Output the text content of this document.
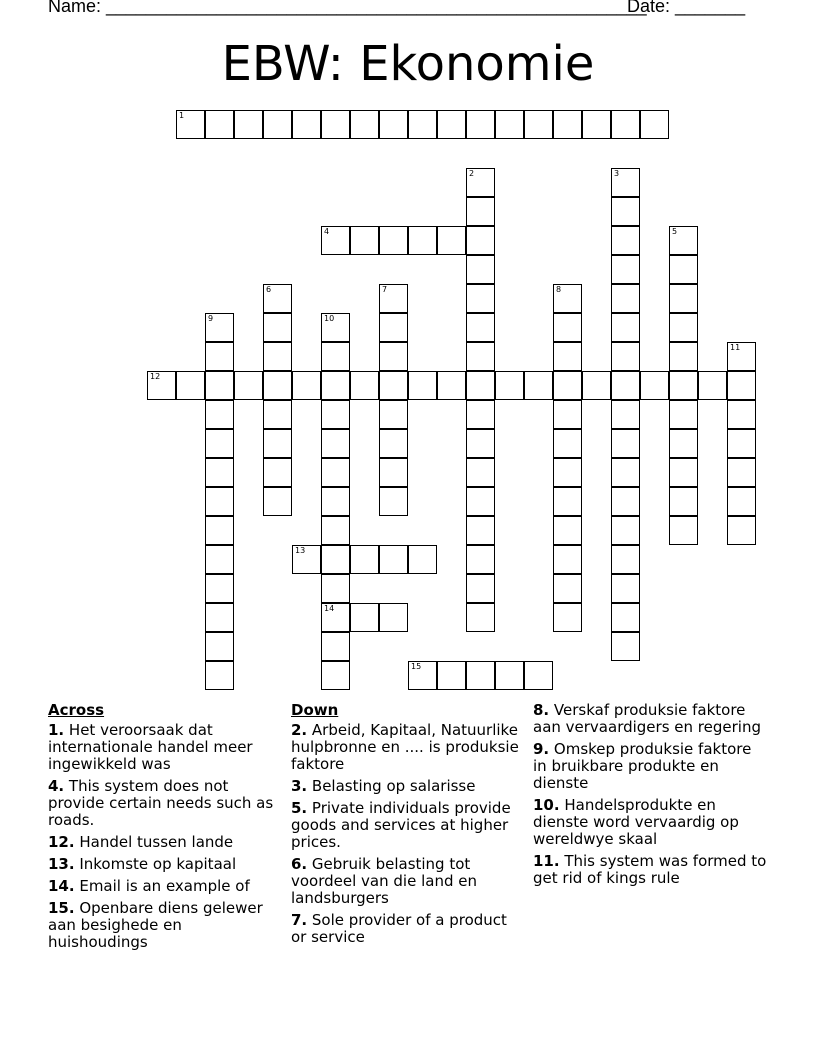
Name: ______________________________________________________
Date: _______
EBW: Ekonomie
1
2	3
4	5
6	7	8
9	10
14
11
12
13
15
Across
1. Het veroorsaak dat internationale handel meer ingewikkeld was
4. This system does not provide certain needs such as roads.
12. Handel tussen lande
13. Inkomste op kapitaal
14. Email is an example of
15. Openbare diens gelewer aan besighede en huishoudings
Down
2. Arbeid, Kapitaal, Natuurlike hulpbronne en .... is produksie faktore
3. Belasting op salarisse
5. Private individuals provide goods and services at higher prices.
6. Gebruik belasting tot voordeel van die land en landsburgers
7. Sole provider of a product or service
8. Verskaf produksie faktore aan vervaardigers en regering
9. Omskep produksie faktore in bruikbare produkte en dienste
10. Handelsprodukte en dienste word vervaardig op wereldwye skaal
11. This system was formed to get rid of kings rule
